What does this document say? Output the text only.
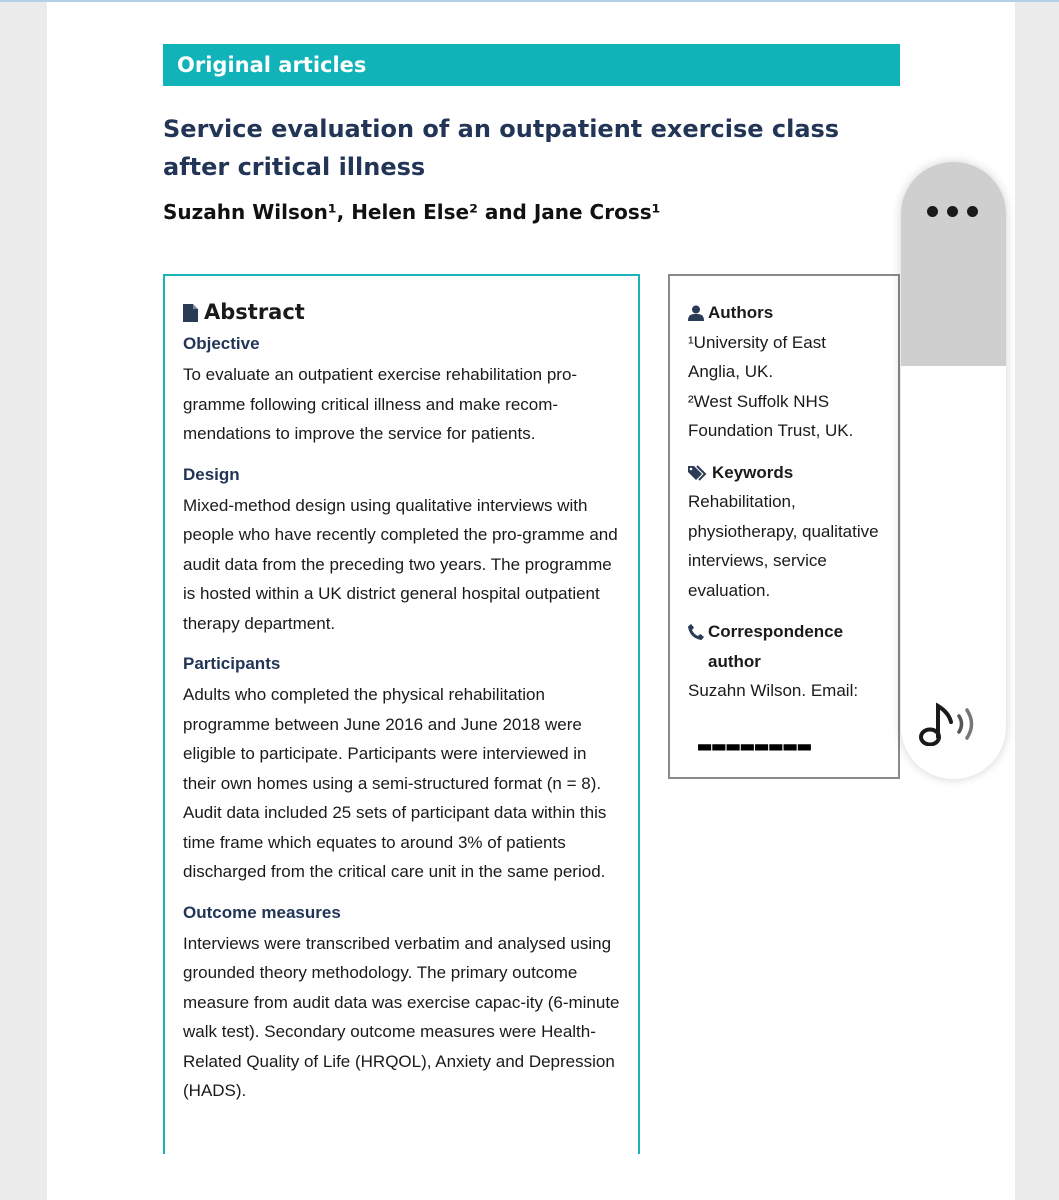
Original articles
Service evaluation of an outpatient exercise class after critical illness

Suzahn Wilson¹, Helen Else² and Jane Cross¹

Abstract
Objective

To evaluate an outpatient exercise rehabilitation pro-gramme following critical illness and make recom-mendations to improve the service for patients.

Design

Mixed-method design using qualitative interviews with people who have recently completed the pro-gramme and audit data from the preceding two years. The programme is hosted within a UK district general hospital outpatient therapy department.

Participants

Adults who completed the physical rehabilitation programme between June 2016 and June 2018 were eligible to participate. Participants were interviewed in their own homes using a semi-structured format (n = 8). Audit data included 25 sets of participant data within this time frame which equates to around 3% of patients discharged from the critical care unit in the same period.

Outcome measures

Interviews were transcribed verbatim and analysed using grounded theory methodology. The primary outcome measure from audit data was exercise capac-ity (6-minute walk test). Secondary outcome measures were Health-Related Quality of Life (HRQOL), Anxiety and Depression (HADS).

Authors
¹University of East Anglia, UK.
²West Suffolk NHS Foundation Trust, UK.
Keywords
Rehabilitation, physiotherapy, qualitative interviews, service evaluation.
Correspondence author
Suzahn Wilson. Email:
▬▬▬▬▬▬▬▬
